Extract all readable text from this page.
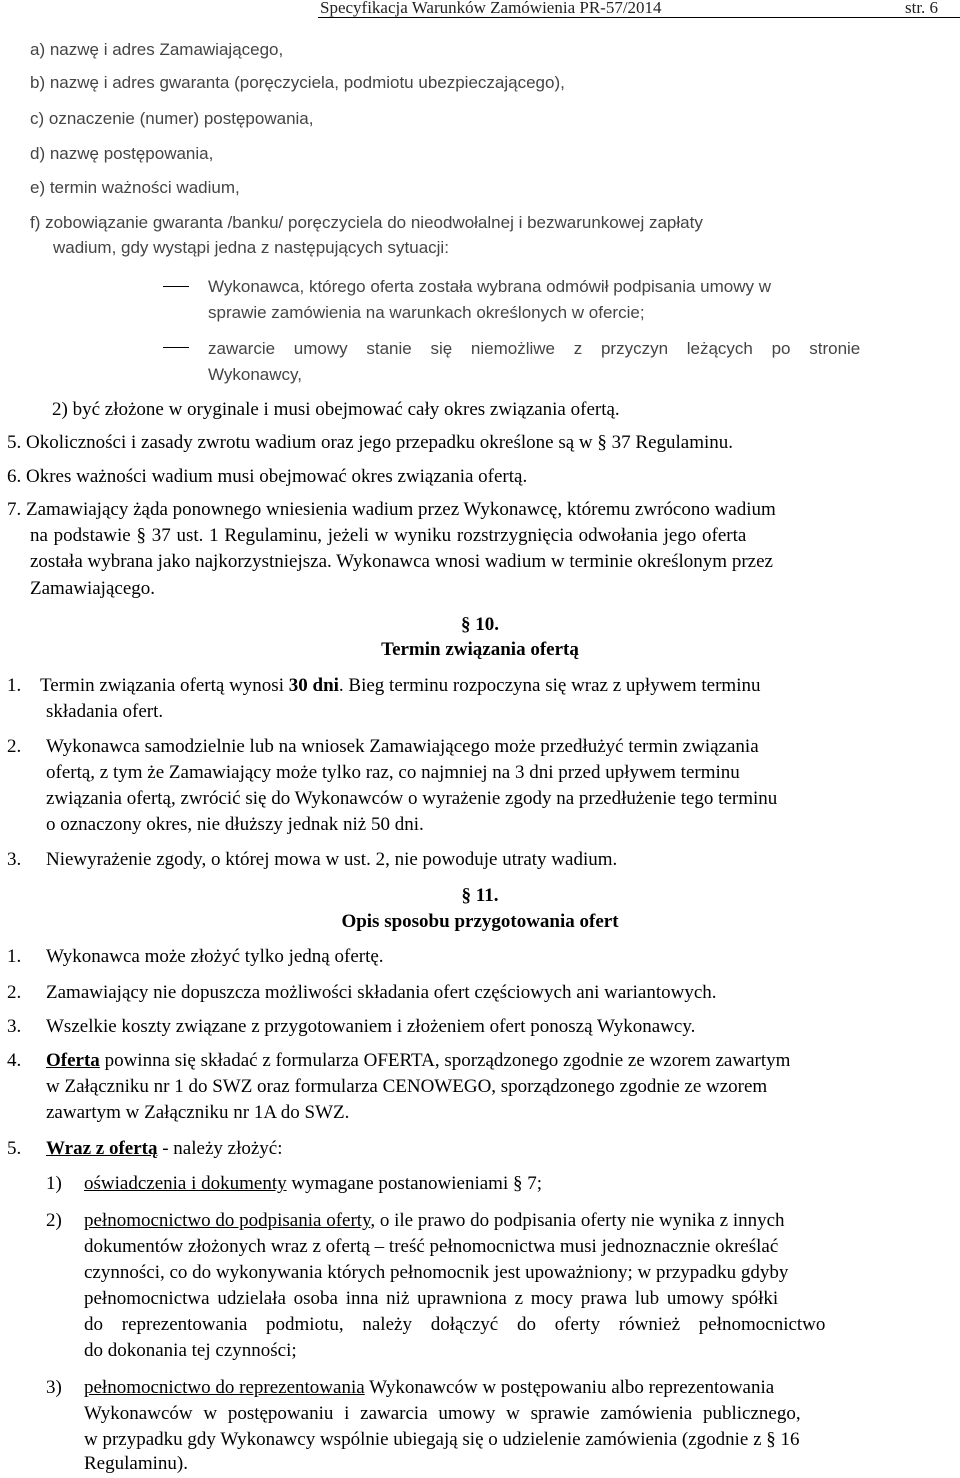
Specyfikacja Warunków Zamówienia PR-57/2014	str. 6
a) nazwę i adres Zamawiającego,
b) nazwę i adres gwaranta (poręczyciela, podmiotu ubezpieczającego),
c) oznaczenie (numer) postępowania,
d) nazwę postępowania,
e) termin ważności wadium,
f) zobowiązanie gwaranta /banku/ poręczyciela do nieodwołalnej i bezwarunkowej zapłaty
wadium, gdy wystąpi jedna z następujących sytuacji:
Wykonawca, którego oferta została wybrana odmówił podpisania umowy w
sprawie zamówienia na warunkach określonych w ofercie;
zawarcie umowy stanie się niemożliwe z przyczyn leżących po stronie
Wykonawcy,
2) być złożone w oryginale i musi obejmować cały okres związania ofertą.
5. Okoliczności i zasady zwrotu wadium oraz jego przepadku określone są w § 37 Regulaminu.
6. Okres ważności wadium musi obejmować okres związania ofertą.
7. Zamawiający żąda ponownego wniesienia wadium przez Wykonawcę, któremu zwrócono wadium
na podstawie § 37 ust. 1 Regulaminu, jeżeli w wyniku rozstrzygnięcia odwołania jego oferta
została wybrana jako najkorzystniejsza. Wykonawca wnosi wadium w terminie określonym przez
Zamawiającego.
§ 10.
Termin związania ofertą
1. Termin związania ofertą wynosi 30 dni. Bieg terminu rozpoczyna się wraz z upływem terminu
składania ofert.
2. Wykonawca samodzielnie lub na wniosek Zamawiającego może przedłużyć termin związania
ofertą, z tym że Zamawiający może tylko raz, co najmniej na 3 dni przed upływem terminu
związania ofertą, zwrócić się do Wykonawców o wyrażenie zgody na przedłużenie tego terminu
o oznaczony okres, nie dłuższy jednak niż 50 dni.
3. Niewyrażenie zgody, o której mowa w ust. 2, nie powoduje utraty wadium.
§ 11.
Opis sposobu przygotowania ofert
1. Wykonawca może złożyć tylko jedną ofertę.
2. Zamawiający nie dopuszcza możliwości składania ofert częściowych ani wariantowych.
3. Wszelkie koszty związane z przygotowaniem i złożeniem ofert ponoszą Wykonawcy.
4. Oferta powinna się składać z formularza OFERTA, sporządzonego zgodnie ze wzorem zawartym
w Załączniku nr 1 do SWZ oraz formularza CENOWEGO, sporządzonego zgodnie ze wzorem
zawartym w Załączniku nr 1A do SWZ.
5. Wraz z ofertą - należy złożyć:
1) oświadczenia i dokumenty wymagane postanowieniami § 7;
2) pełnomocnictwo do podpisania oferty, o ile prawo do podpisania oferty nie wynika z innych
dokumentów złożonych wraz z ofertą – treść pełnomocnictwa musi jednoznacznie określać
czynności, co do wykonywania których pełnomocnik jest upoważniony; w przypadku gdyby
pełnomocnictwa udzielała osoba inna niż uprawniona z mocy prawa lub umowy spółki
do reprezentowania podmiotu, należy dołączyć do oferty również pełnomocnictwo
do dokonania tej czynności;
3) pełnomocnictwo do reprezentowania Wykonawców w postępowaniu albo reprezentowania
Wykonawców w postępowaniu i zawarcia umowy w sprawie zamówienia publicznego,
w przypadku gdy Wykonawcy wspólnie ubiegają się o udzielenie zamówienia (zgodnie z § 16
Regulaminu).
